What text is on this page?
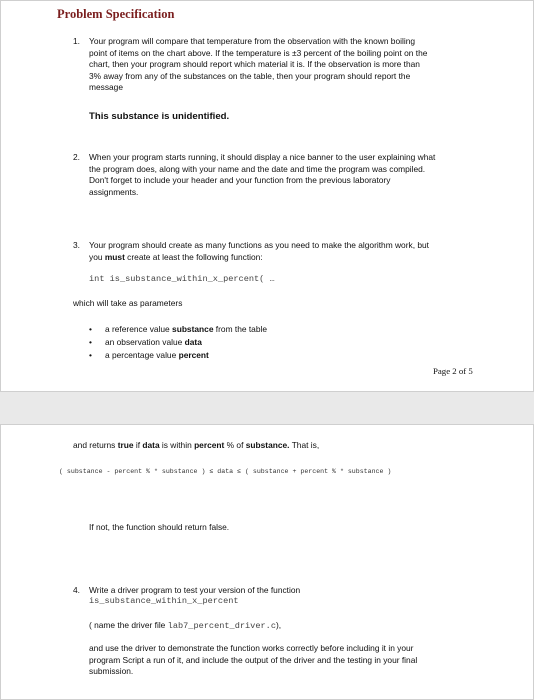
Problem Specification
1. Your program will compare that temperature from the observation with the known boiling
point of items on the chart above. If the temperature is ±3 percent of the boiling point on the
chart, then your program should report which material it is. If the observation is more than
3% away from any of the substances on the table, then your program should report the
message
This substance is unidentified.
2. When your program starts running, it should display a nice banner to the user explaining what
the program does, along with your name and the date and time the program was compiled.
Don't forget to include your header and your function from the previous laboratory
assignments.
3. Your program should create as many functions as you need to make the algorithm work, but
you must create at least the following function:
int is_substance_within_x_percent( …
which will take as parameters
• a reference value substance from the table
• an observation value data
• a percentage value percent
Page 2 of 5
and returns true if data is within percent % of substance. That is,
( substance - percent % * substance ) ≤ data ≤ ( substance + percent % * substance )
If not, the function should return false.
4. Write a driver program to test your version of the function
is_substance_within_x_percent
( name the driver file lab7_percent_driver.c),
and use the driver to demonstrate the function works correctly before including it in your
program Script a run of it, and include the output of the driver and the testing in your final
submission.
